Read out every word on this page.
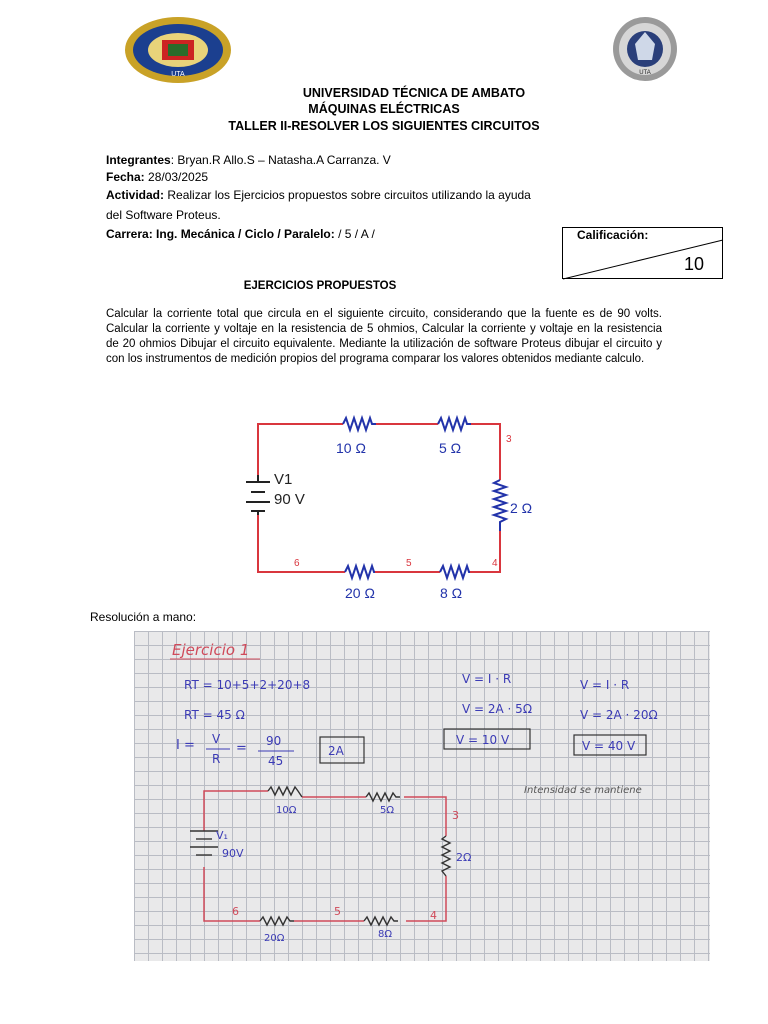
UTA	UTA
UNIVERSIDAD TÉCNICA DE AMBATO
MÁQUINAS ELÉCTRICAS
TALLER II-RESOLVER LOS SIGUIENTES CIRCUITOS
Integrantes: Bryan.R Allo.S – Natasha.A Carranza. V
Fecha: 28/03/2025
Actividad: Realizar los Ejercicios propuestos sobre circuitos utilizando la ayuda
del Software Proteus.
Carrera: Ing. Mecánica / Ciclo / Paralelo: / 5 / A /	Calificación:
10
EJERCICIOS PROPUESTOS
Calcular la corriente total que circula en el siguiente circuito, considerando que la fuente es de 90 volts. Calcular la corriente y voltaje en la resistencia de 5 ohmios, Calcular la corriente y voltaje en la resistencia de 20 ohmios Dibujar el circuito equivalente. Mediante la utilización de software Proteus dibujar el circuito y con los instrumentos de medición propios del programa comparar los valores obtenidos mediante calculo.
V1
90 V
10 Ω	5 Ω
2 Ω
20 Ω	8 Ω
3
4
5
6
Resolución a mano:
Ejercicio 1
RT = 10+5+2+20+8
RT = 45 Ω
I = V
R
= 90
45
2A
V = I · R
V = 2A · 5Ω
V = 10 V
V = I · R
V = 2A · 20Ω
V = 40 V
Intensidad se mantiene
V₁
90V
10Ω	5Ω
2Ω
8Ω
20Ω
3
4
5
6
